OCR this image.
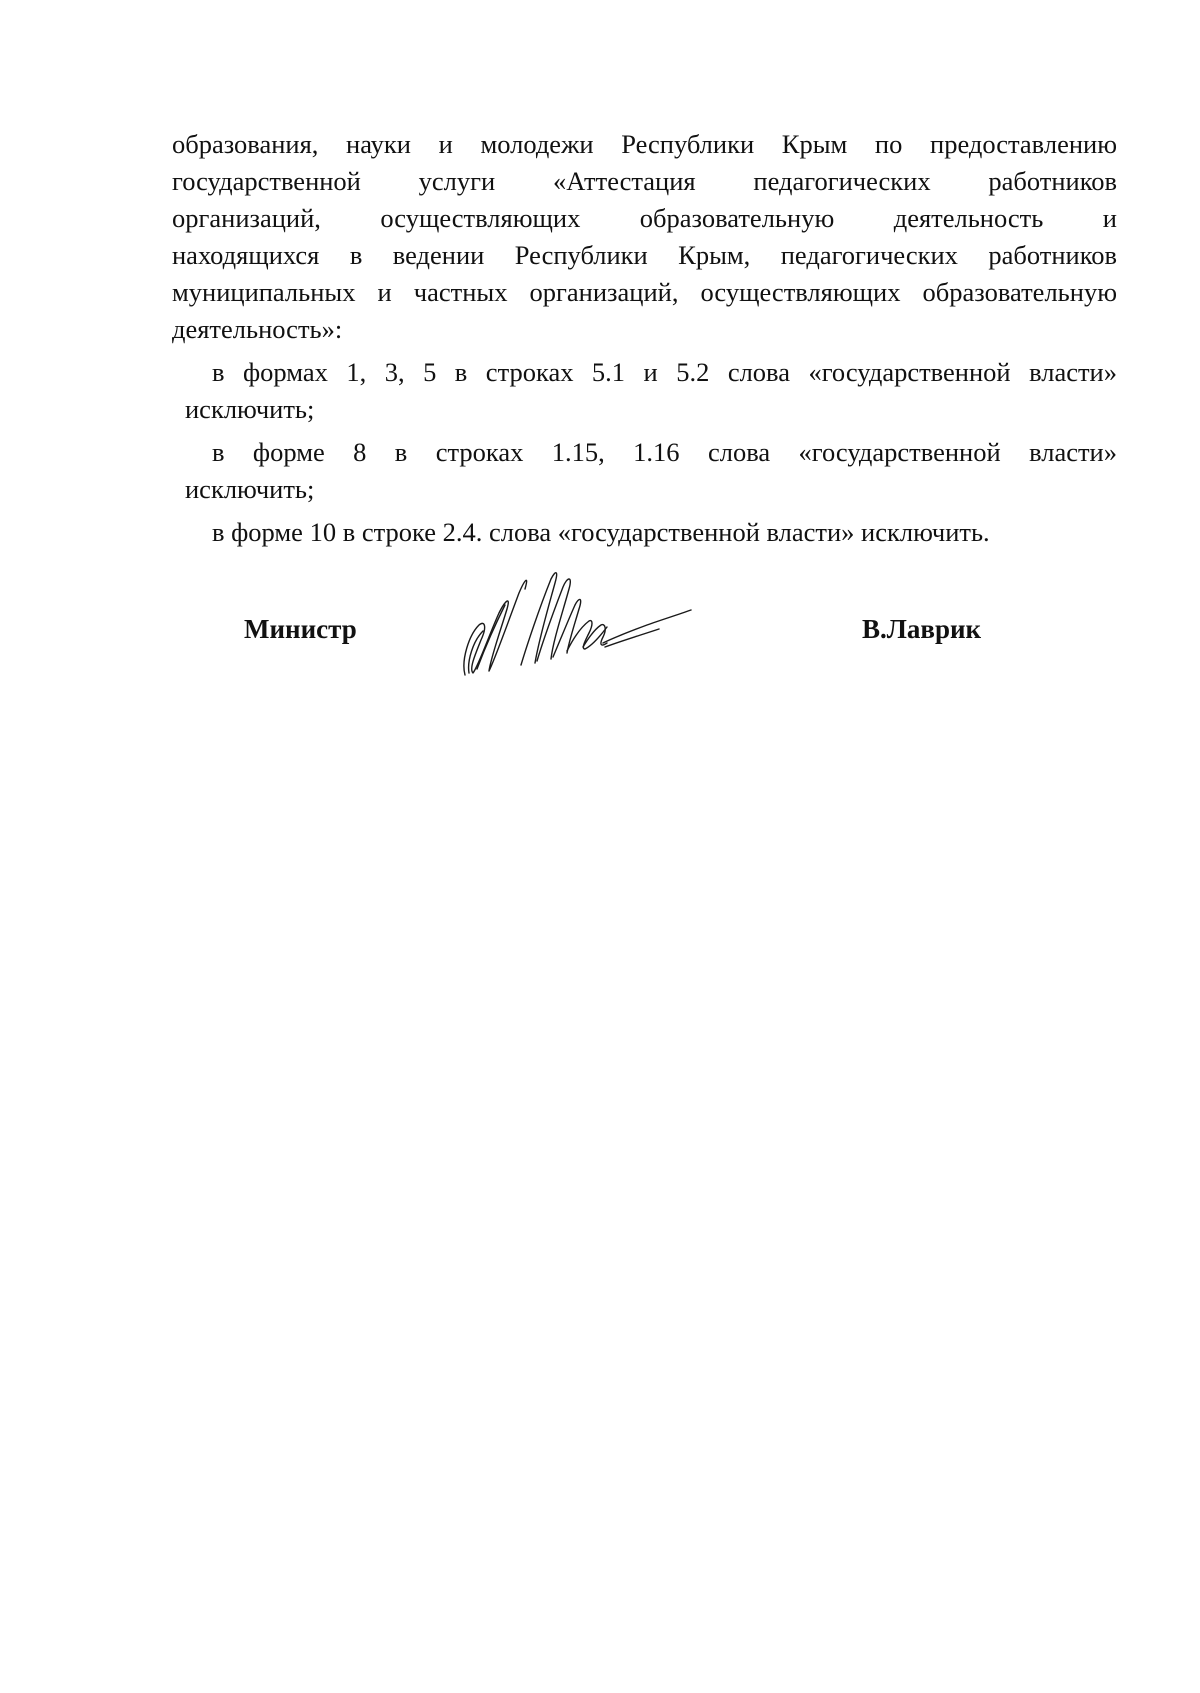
образования, науки и молодежи Республики Крым по предоставлению

государственной услуги «Аттестация педагогических работников

организаций, осуществляющих образовательную деятельность и

находящихся в ведении Республики Крым, педагогических работников

муниципальных и частных организаций, осуществляющих образовательную

деятельность»:

в формах 1, 3, 5 в строках 5.1 и 5.2 слова «государственной власти»

исключить;

в форме 8 в строках 1.15, 1.16 слова «государственной власти»

исключить;

в форме 10 в строке 2.4. слова «государственной власти» исключить.

Министр	В.Лаврик
